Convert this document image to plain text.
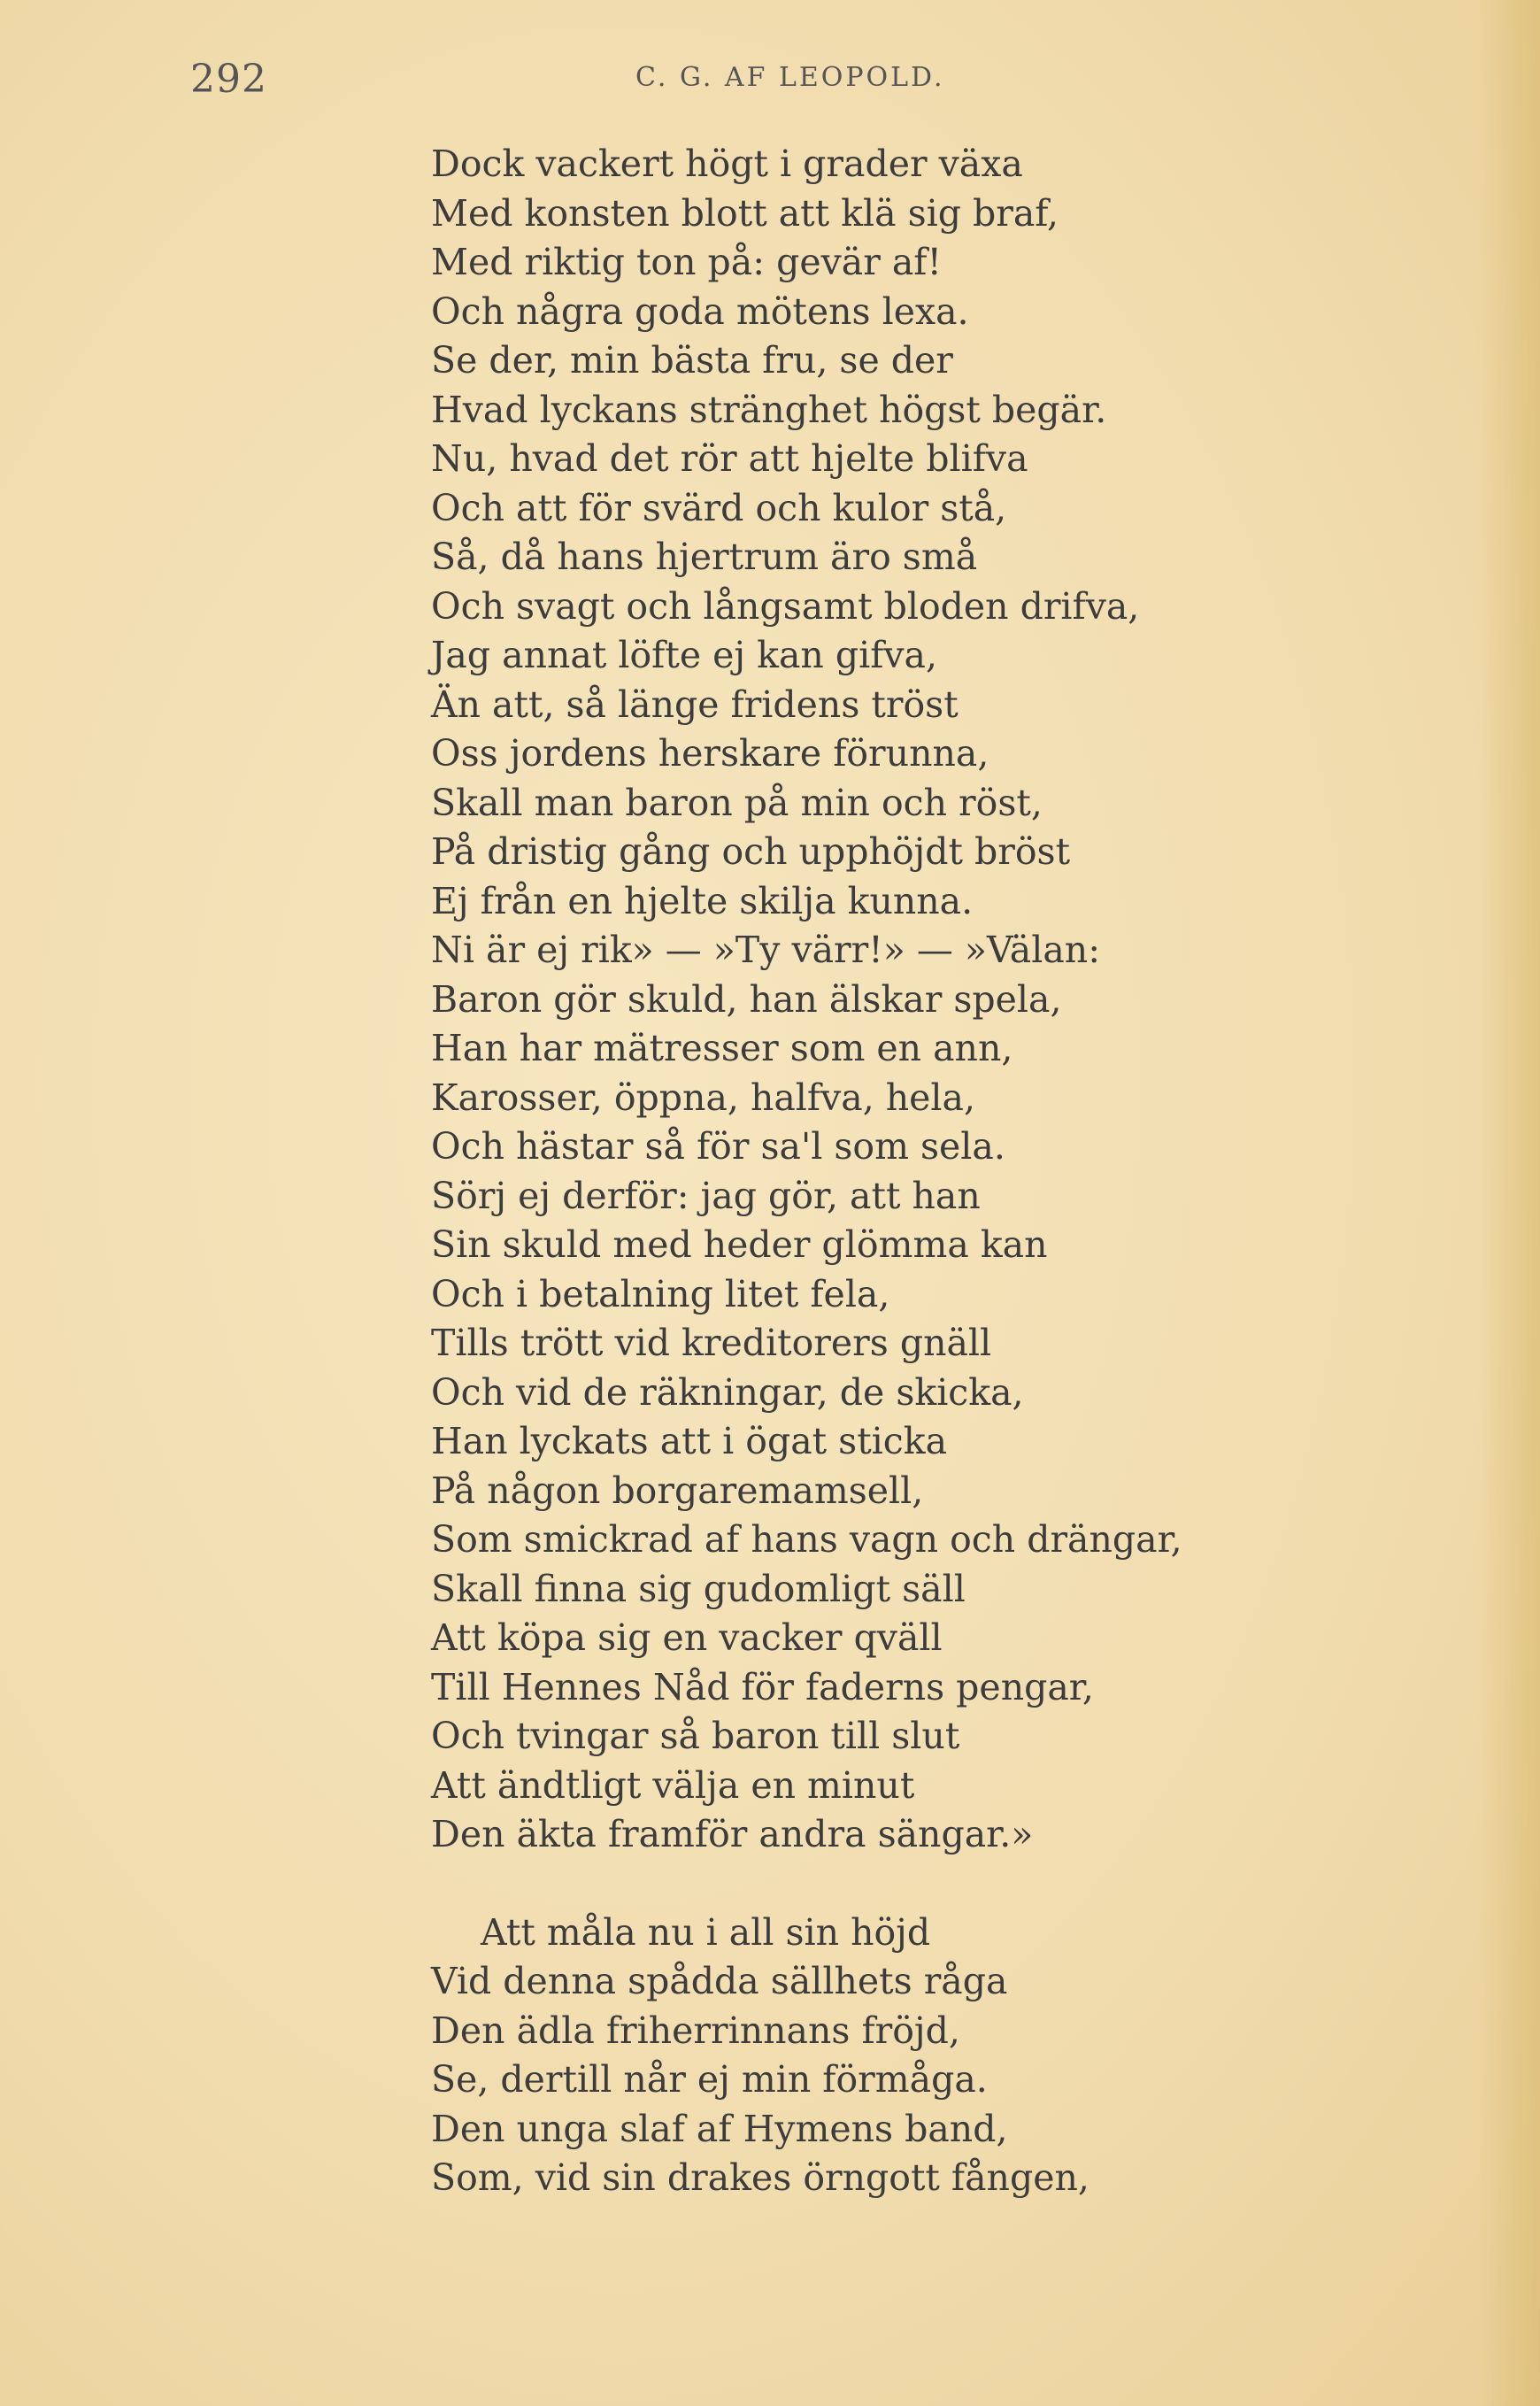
292	C. G. AF LEOPOLD.
Dock vackert högt i grader växa
Med konsten blott att klä sig braf,
Med riktig ton på: gevär af!
Och några goda mötens lexa.
Se der, min bästa fru, se der
Hvad lyckans stränghet högst begär.
Nu, hvad det rör att hjelte blifva
Och att för svärd och kulor stå,
Så, då hans hjertrum äro små
Och svagt och långsamt bloden drifva,
Jag annat löfte ej kan gifva,
Än att, så länge fridens tröst
Oss jordens herskare förunna,
Skall man baron på min och röst,
På dristig gång och upphöjdt bröst
Ej från en hjelte skilja kunna.
Ni är ej rik» — »Ty värr!» — »Välan:
Baron gör skuld, han älskar spela,
Han har mätresser som en ann,
Karosser, öppna, halfva, hela,
Och hästar så för sa'l som sela.
Sörj ej derför: jag gör, att han
Sin skuld med heder glömma kan
Och i betalning litet fela,
Tills trött vid kreditorers gnäll
Och vid de räkningar, de skicka,
Han lyckats att i ögat sticka
På någon borgaremamsell,
Som smickrad af hans vagn och drängar,
Skall finna sig gudomligt säll
Att köpa sig en vacker qväll
Till Hennes Nåd för faderns pengar,
Och tvingar så baron till slut
Att ändtligt välja en minut
Den äkta framför andra sängar.»
Att måla nu i all sin höjd
Vid denna spådda sällhets råga
Den ädla friherrinnans fröjd,
Se, dertill når ej min förmåga.
Den unga slaf af Hymens band,
Som, vid sin drakes örngott fången,
